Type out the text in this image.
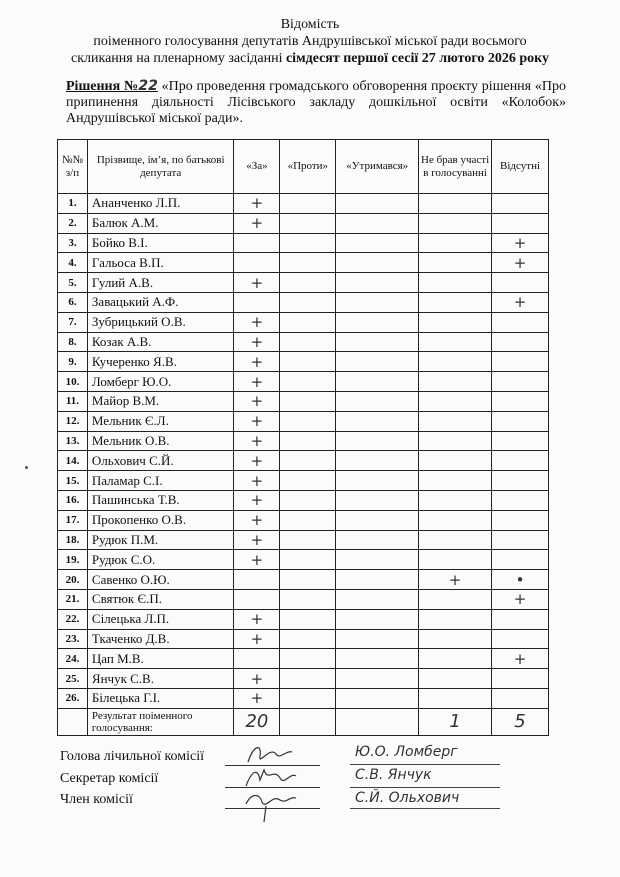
Відомість
поіменного голосування депутатів Андрушівської міської ради восьмого
скликання на пленарному засіданні сімдесят першої сесії 27 лютого 2026 року
Рішення №22 «Про проведення громадського обговорення проєкту рішення «Про припинення діяльності Лісівського закладу дошкільної освіти «Колобок» Андрушівської міської ради».
№№ з/п	Прізвище, ім’я, по батькові депутата	«За»	«Проти»	«Утримався»	Не брав участі в голосуванні	Відсутні
1.	Ананченко Л.П.	+				
2.	Балюк А.М.	+				
3.	Бойко В.І.					+
4.	Гальоса В.П.					+
5.	Гулий А.В.	+				
6.	Завацький А.Ф.					+
7.	Зубрицький О.В.	+				
8.	Козак А.В.	+				
9.	Кучеренко Я.В.	+				
10.	Ломберг Ю.О.	+				
11.	Майор В.М.	+				
12.	Мельник Є.Л.	+				
13.	Мельник О.В.	+				
14.	Ольхович С.Й.	+				
15.	Паламар С.І.	+				
16.	Пашинська Т.В.	+				
17.	Прокопенко О.В.	+				
18.	Рудюк П.М.	+				
19.	Рудюк С.О.	+				
20.	Савенко О.Ю.				+	•
21.	Святюк Є.П.					+
22.	Сілецька Л.П.	+				
23.	Ткаченко Д.В.	+				
24.	Цап М.В.					+
25.	Янчук С.В.	+				
26.	Білецька Г.І.	+				
	Результат поіменного голосування:	20			1	5
Голова лічильної комісії	Ю.О. Ломберг
Секретар комісії	С.В. Янчук
Член комісії	С.Й. Ольхович
